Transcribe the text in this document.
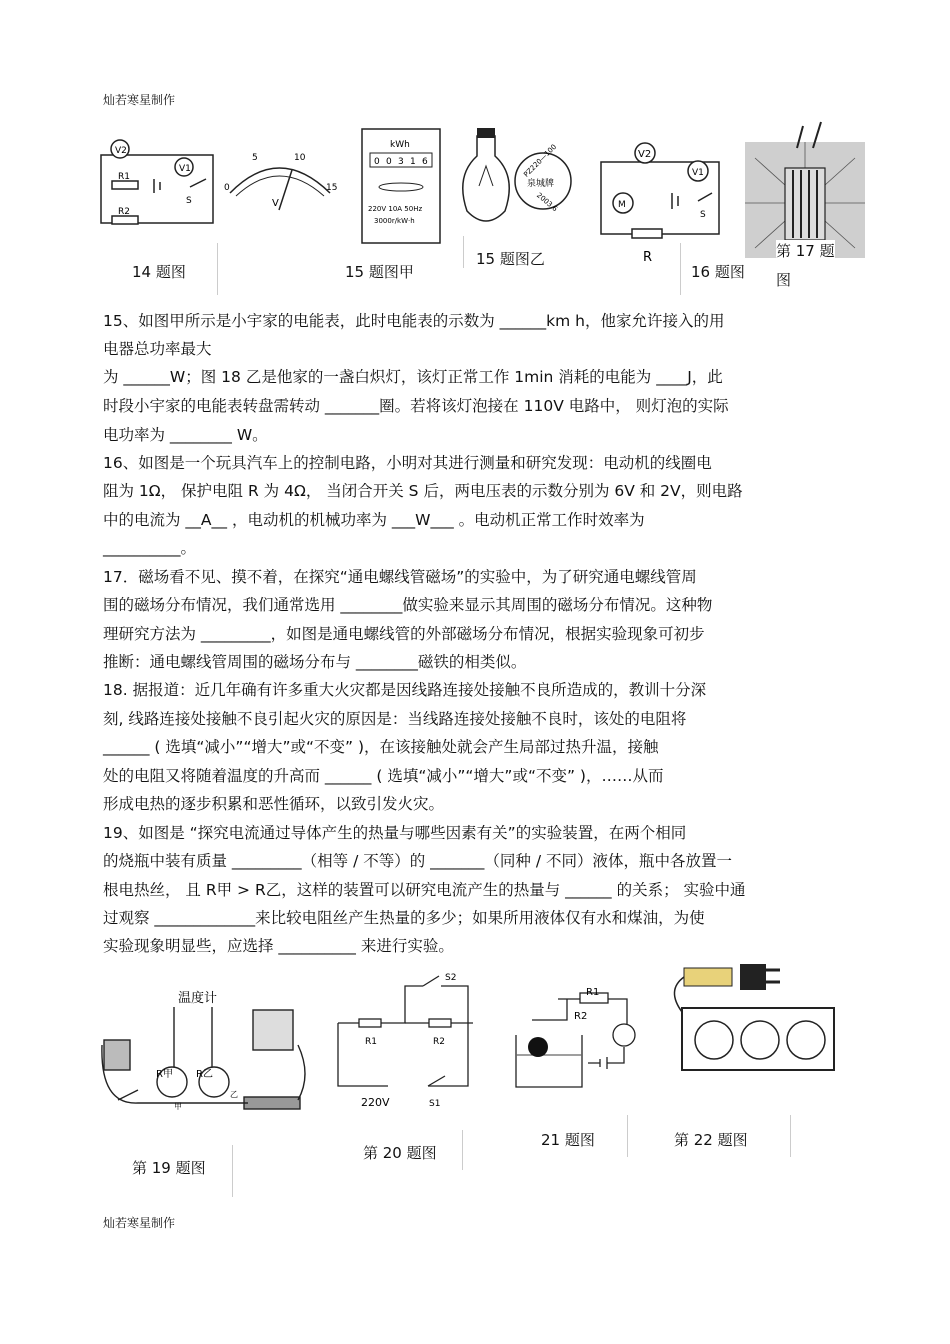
灿若寒星制作
V2
V1
R1
R2
S
0
5	10
15
V
kWh
0 0 3 1 6
220V 10A 50Hz
3000r/kW·h
PZ220—100
泉城牌
2003.6
V2
V1
M
S
R
14 题图	15 题图甲
15 题图乙
16 题图
第 17 题
图
15、如图甲所示是小宇家的电能表，此时电能表的示数为 ______km h，他家允许接入的用
电器总功率最大
为 ______W；图 18 乙是他家的一盏白炽灯，该灯正常工作 1min 消耗的电能为 ____J，此
时段小宇家的电能表转盘需转动 _______圈。若将该灯泡接在 110V 电路中， 则灯泡的实际
电功率为 ________ W。
16、如图是一个玩具汽车上的控制电路，小明对其进行测量和研究发现：电动机的线圈电
阻为 1Ω， 保护电阻 R 为 4Ω， 当闭合开关 S 后，两电压表的示数分别为 6V 和 2V，则电路
中的电流为 __A__ ，电动机的机械功率为 ___W___ 。电动机正常工作时效率为
__________。
17．磁场看不见、摸不着，在探究“通电螺线管磁场”的实验中，为了研究通电螺线管周
围的磁场分布情况，我们通常选用 ________做实验来显示其周围的磁场分布情况。这种物
理研究方法为 _________，如图是通电螺线管的外部磁场分布情况，根据实验现象可初步
推断：通电螺线管周围的磁场分布与 ________磁铁的相类似。
18. 据报道：近几年确有许多重大火灾都是因线路连接处接触不良所造成的，教训十分深
刻, 线路连接处接触不良引起火灾的原因是：当线路连接处接触不良时，该处的电阻将
______ ( 选填“减小”“增大”或“不变” )，在该接触处就会产生局部过热升温，接触
处的电阻又将随着温度的升高而 ______ ( 选填“减小”“增大”或“不变” )，……从而
形成电热的逐步积累和恶性循环，以致引发火灾。
19、如图是 “探究电流通过导体产生的热量与哪些因素有关”的实验装置，在两个相同
的烧瓶中装有质量 _________（相等 / 不等）的 _______（同种 / 不同）液体，瓶中各放置一
根电热丝， 且 R甲 > R乙，这样的装置可以研究电流产生的热量与 ______ 的关系； 实验中通
过观察 _____________来比较电阻丝产生热量的多少；如果所用液体仅有水和煤油，为使
实验现象明显些，应选择 __________ 来进行实验。
温度计
R甲 R乙
甲
乙
S2
R1	R2
220V	S1
R1
R2
第 19 题图
第 20 题图
21 题图	第 22 题图
灿若寒星制作
